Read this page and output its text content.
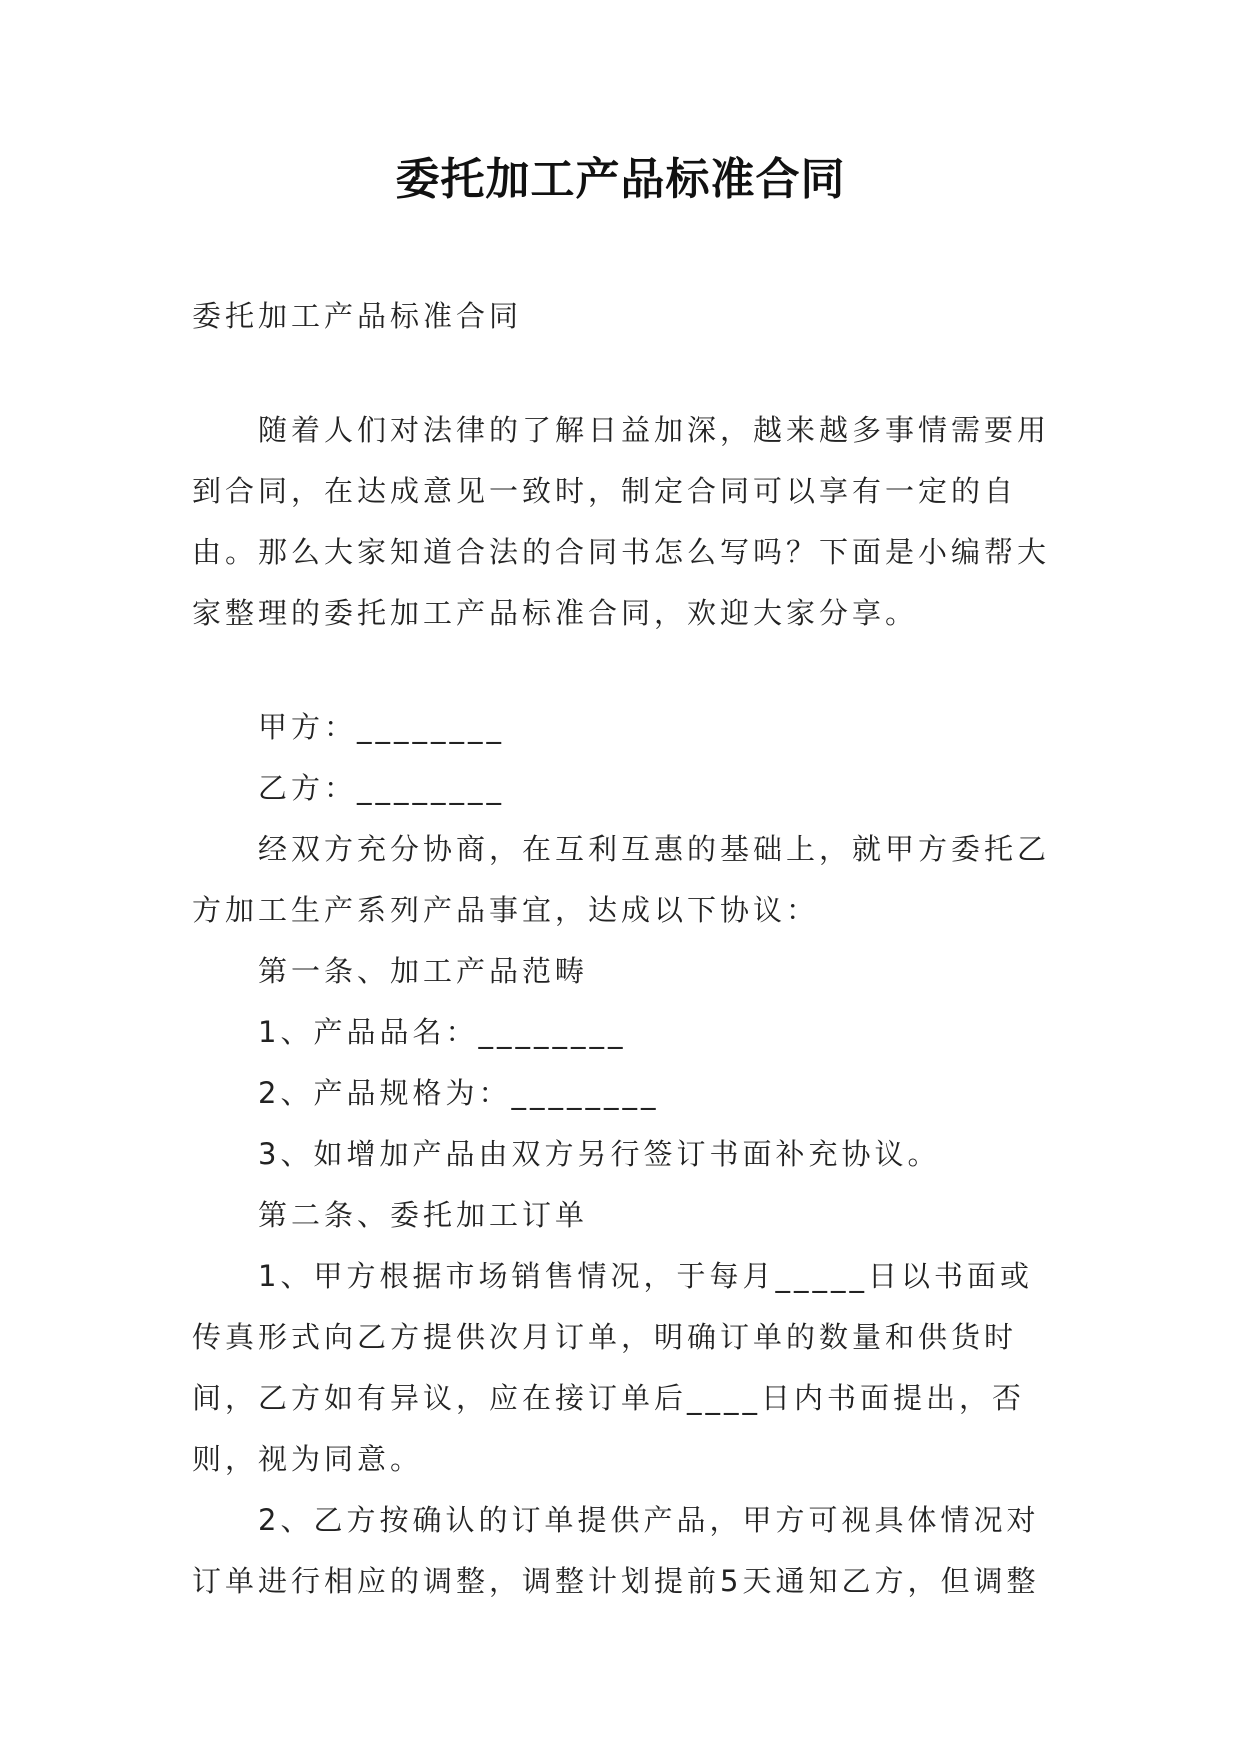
委托加工产品标准合同

委托加工产品标准合同

随着人们对法律的了解日益加深，越来越多事情需要用到合同，在达成意见一致时，制定合同可以享有一定的自由。那么大家知道合法的合同书怎么写吗？下面是小编帮大家整理的委托加工产品标准合同，欢迎大家分享。

甲方：________

乙方：________

经双方充分协商，在互利互惠的基础上，就甲方委托乙方加工生产系列产品事宜，达成以下协议：

第一条、加工产品范畴

1、产品品名：________

2、产品规格为：________

3、如增加产品由双方另行签订书面补充协议。

第二条、委托加工订单

1、甲方根据市场销售情况，于每月_____日以书面或传真形式向乙方提供次月订单，明确订单的数量和供货时间，乙方如有异议，应在接订单后____日内书面提出，否则，视为同意。

2、乙方按确认的订单提供产品，甲方可视具体情况对订单进行相应的调整，调整计划提前5天通知乙方，但调整
